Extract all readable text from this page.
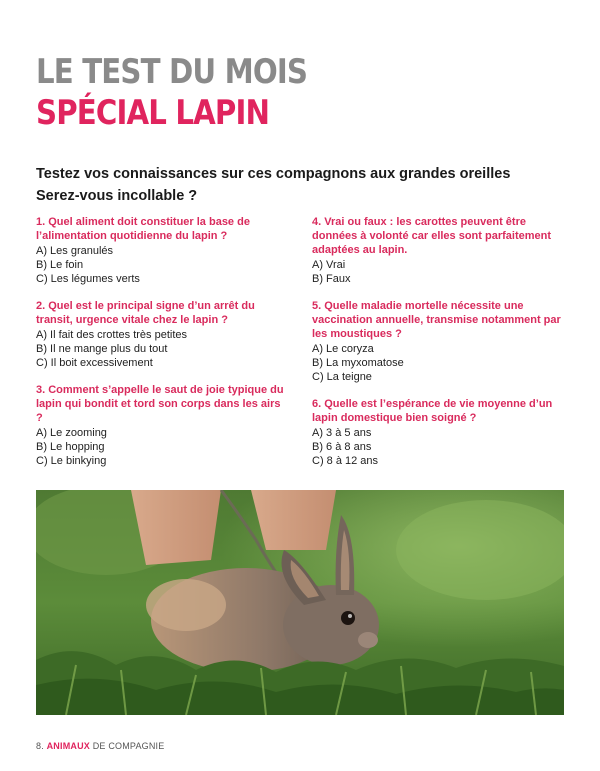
LE TEST DU MOIS
SPÉCIAL LAPIN

Testez vos connaissances sur ces compagnons aux grandes oreilles

Serez-vous incollable ?

1. Quel aliment doit constituer la base de l’alimentation quotidienne du lapin ?

A) Les granulés

B) Le foin

C) Les légumes verts

2. Quel est le principal signe d’un arrêt du transit, urgence vitale chez le lapin ?

A) Il fait des crottes très petites

B) Il ne mange plus du tout

C) Il boit excessivement

3. Comment s’appelle le saut de joie typique du lapin qui bondit et tord son corps dans les airs ?

A) Le zooming

B) Le hopping

C) Le binkying

4. Vrai ou faux : les carottes peuvent être données à volonté car elles sont parfaitement adaptées au lapin.

A) Vrai

B) Faux

5. Quelle maladie mortelle nécessite une vaccination annuelle, transmise notamment par les moustiques ?

A) Le coryza

B) La myxomatose

C) La teigne

6. Quelle est l’espérance de vie moyenne d’un lapin domestique bien soigné ?

A) 3 à 5 ans

B) 6 à 8 ans

C) 8 à 12 ans

8. ANIMAUX DE COMPAGNIE
